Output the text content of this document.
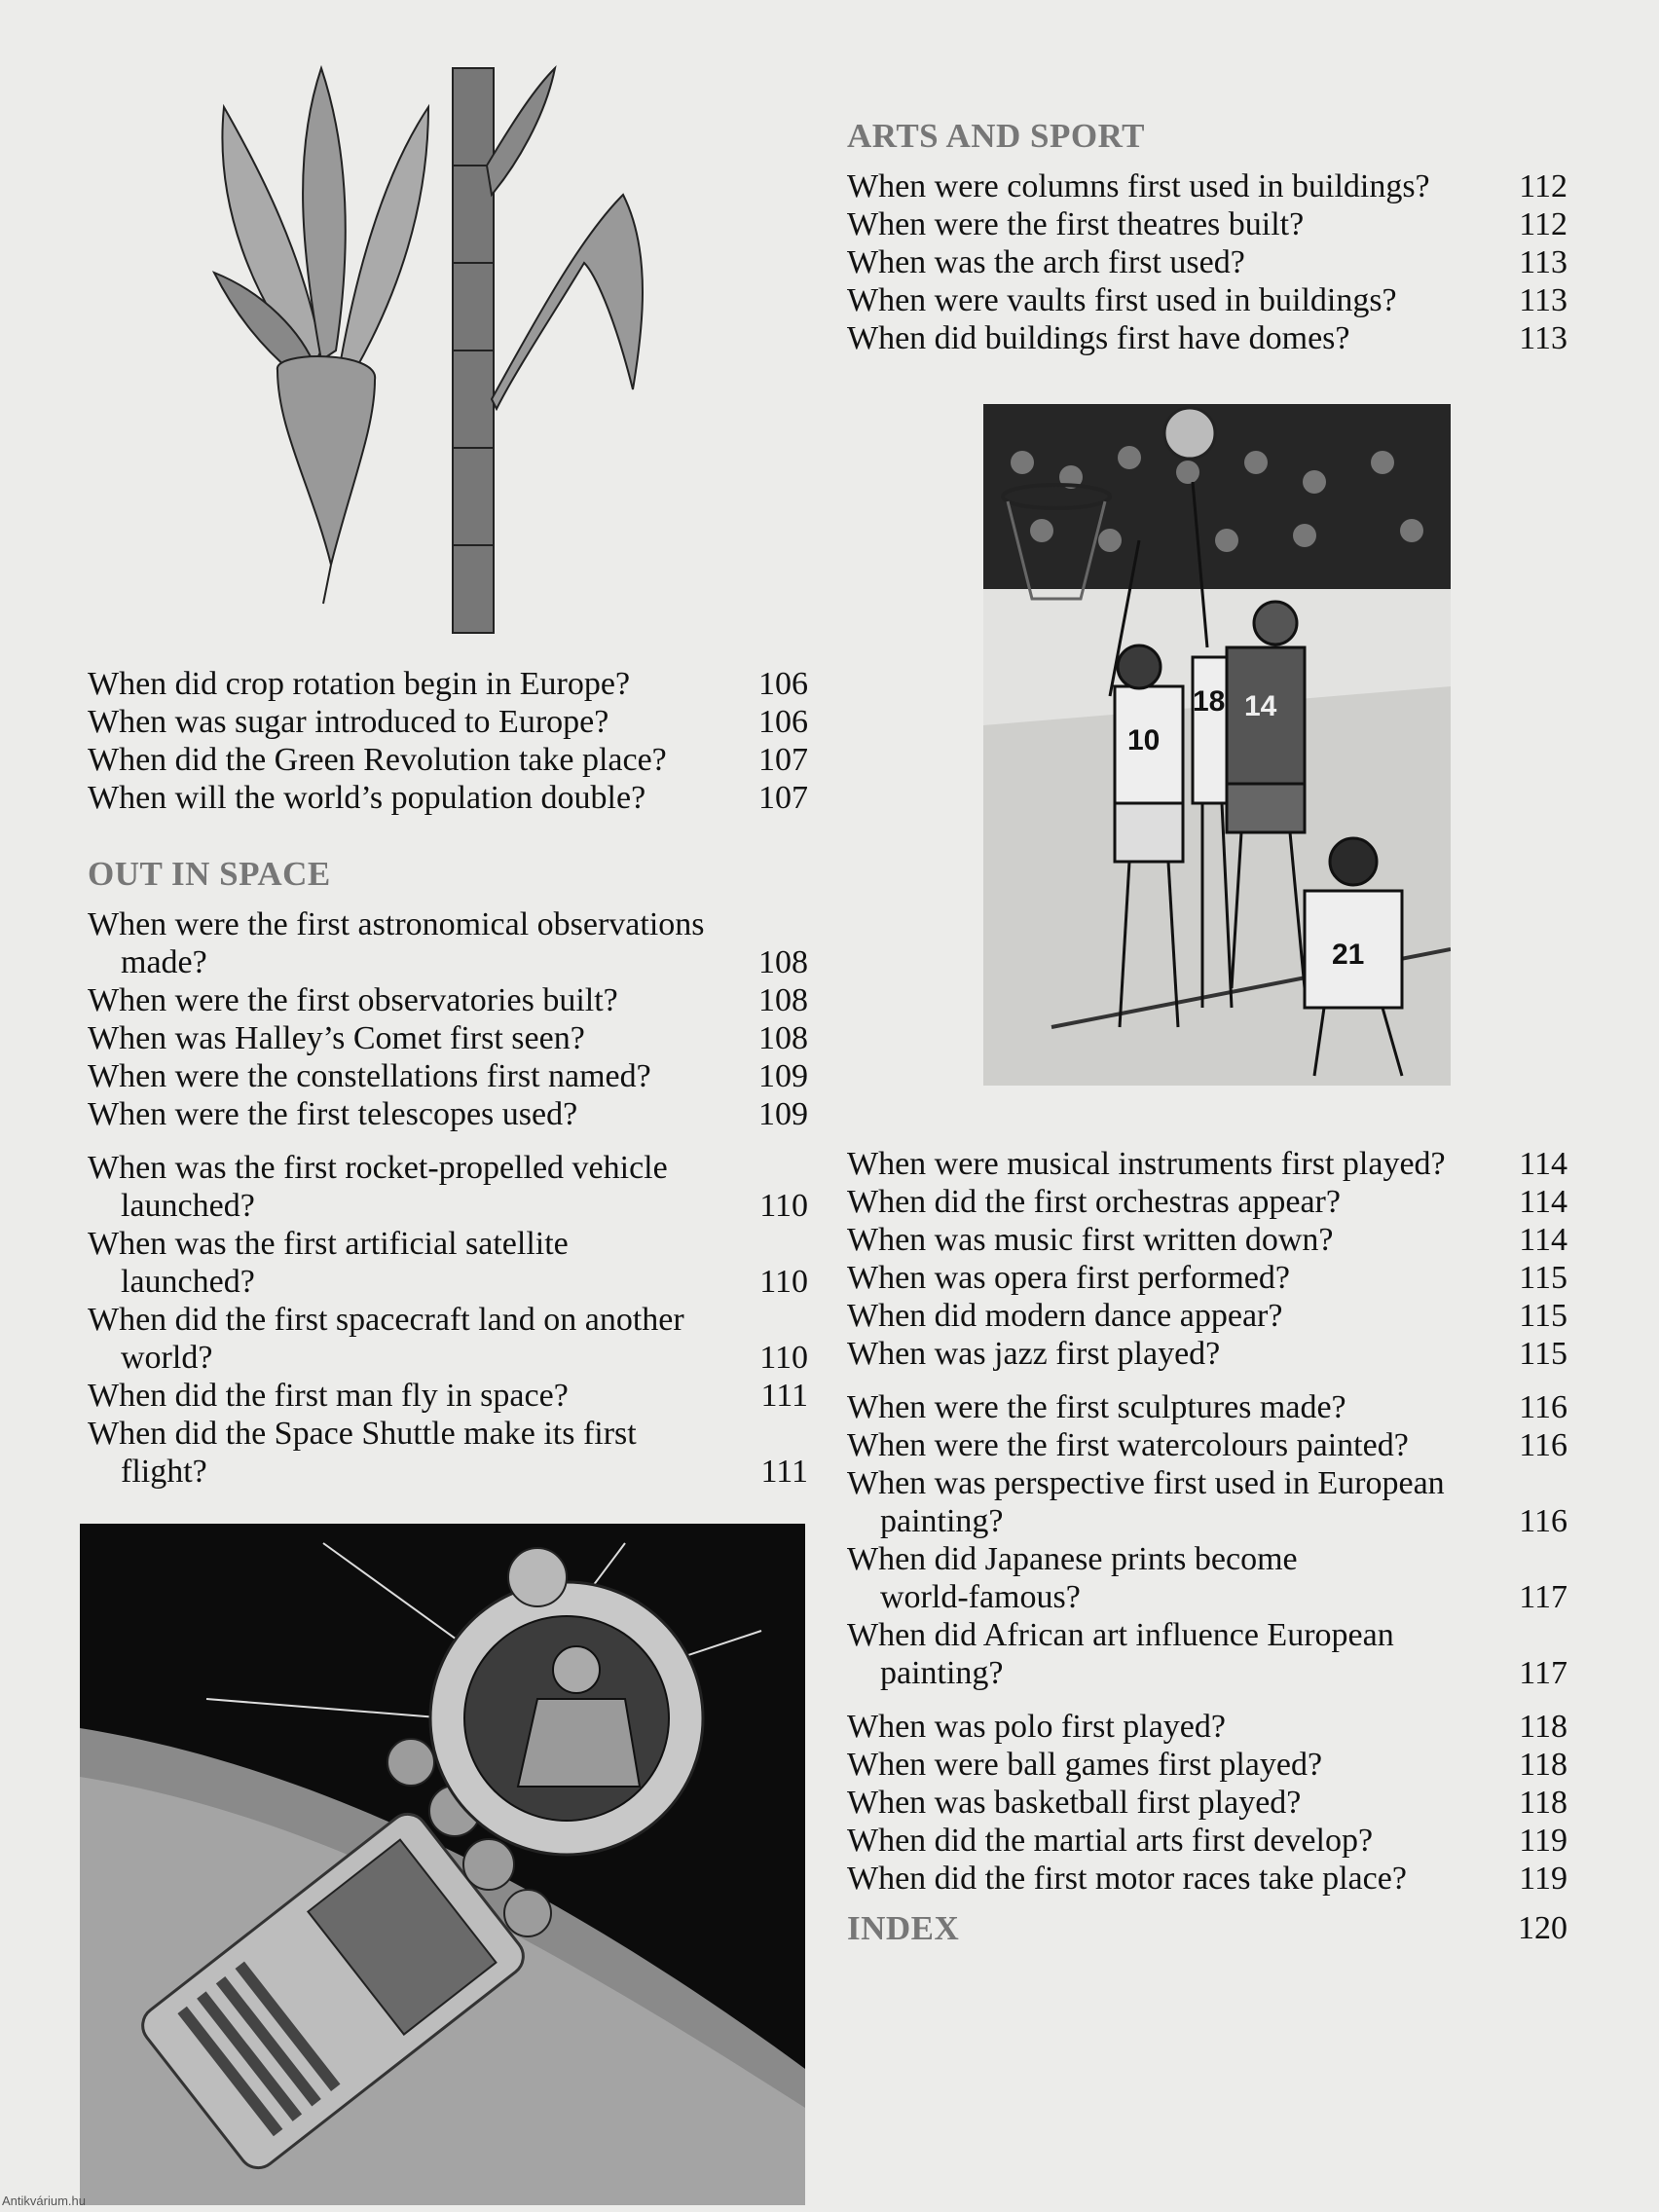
When did crop rotation begin in Europe?	106
When was sugar introduced to Europe?	106
When did the Green Revolution take place?	107
When will the world’s population double?	107
OUT IN SPACE
When were the first astronomical observations
made?	108
When were the first observatories built?	108
When was Halley’s Comet first seen?	108
When were the constellations first named?	109
When were the first telescopes used?	109
When was the first rocket-propelled vehicle
launched?	110
When was the first artificial satellite
launched?	110
When did the first spacecraft land on another
world?	110
When did the first man fly in space?	111
When did the Space Shuttle make its first
flight?	111
ARTS AND SPORT
When were columns first used in buildings?	112
When were the first theatres built?	112
When was the arch first used?	113
When were vaults first used in buildings?	113
When did buildings first have domes?	113
10
18 14
21
When were musical instruments first played?	114
When did the first orchestras appear?	114
When was music first written down?	114
When was opera first performed?	115
When did modern dance appear?	115
When was jazz first played?	115
When were the first sculptures made?	116
When were the first watercolours painted?	116
When was perspective first used in European
painting?	116
When did Japanese prints become
world-famous?	117
When did African art influence European
painting?	117
When was polo first played?	118
When were ball games first played?	118
When was basketball first played?	118
When did the martial arts first develop?	119
When did the first motor races take place?	119
INDEX	120
Antikvárium.hu
